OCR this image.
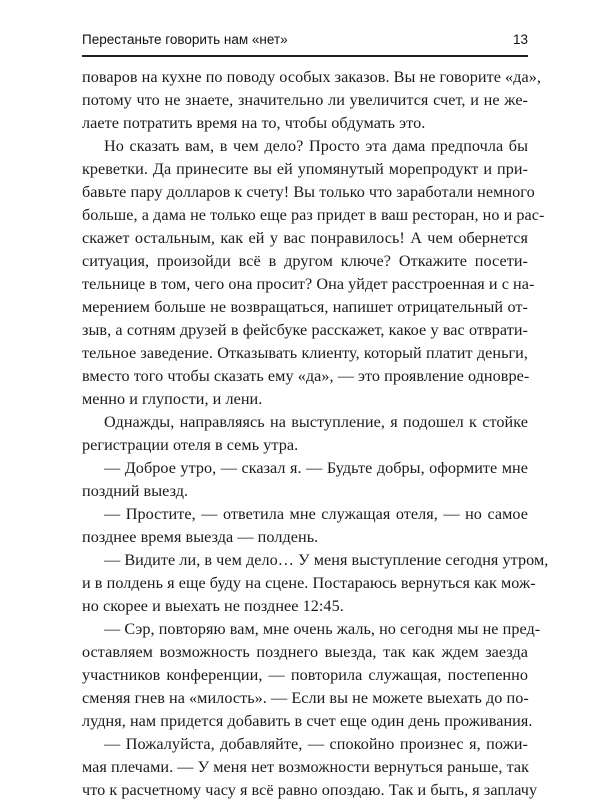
Перестаньте говорить нам «нет»	13
поваров на кухне по поводу особых заказов. Вы не говорите «да»,
потому что не знаете, значительно ли увеличится счет, и не же-
лаете потратить время на то, чтобы обдумать это.
Но сказать вам, в чем дело? Просто эта дама предпочла бы
креветки. Да принесите вы ей упомянутый морепродукт и при-
бавьте пару долларов к счету! Вы только что заработали немного
больше, а дама не только еще раз придет в ваш ресторан, но и рас-
скажет остальным, как ей у вас понравилось! А чем обернется
ситуация, произойди всё в другом ключе? Откажите посети-
тельнице в том, чего она просит? Она уйдет расстроенная и с на-
мерением больше не возвращаться, напишет отрицательный от-
зыв, а сотням друзей в фейсбуке расскажет, какое у вас отврати-
тельное заведение. Отказывать клиенту, который платит деньги,
вместо того чтобы сказать ему «да», — это проявление одновре-
менно и глупости, и лени.
Однажды, направляясь на выступление, я подошел к стойке
регистрации отеля в семь утра.
— Доброе утро, — сказал я. — Будьте добры, оформите мне
поздний выезд.
— Простите, — ответила мне служащая отеля, — но самое
позднее время выезда — полдень.
— Видите ли, в чем дело… У меня выступление сегодня утром,
и в полдень я еще буду на сцене. Постараюсь вернуться как мож-
но скорее и выехать не позднее 12:45.
— Сэр, повторяю вам, мне очень жаль, но сегодня мы не пред-
оставляем возможность позднего выезда, так как ждем заезда
участников конференции, — повторила служащая, постепенно
сменяя гнев на «милость». — Если вы не можете выехать до по-
лудня, нам придется добавить в счет еще один день проживания.
— Пожалуйста, добавляйте, — спокойно произнес я, пожи-
мая плечами. — У меня нет возможности вернуться раньше, так
что к расчетному часу я всё равно опоздаю. Так и быть, я заплачу
